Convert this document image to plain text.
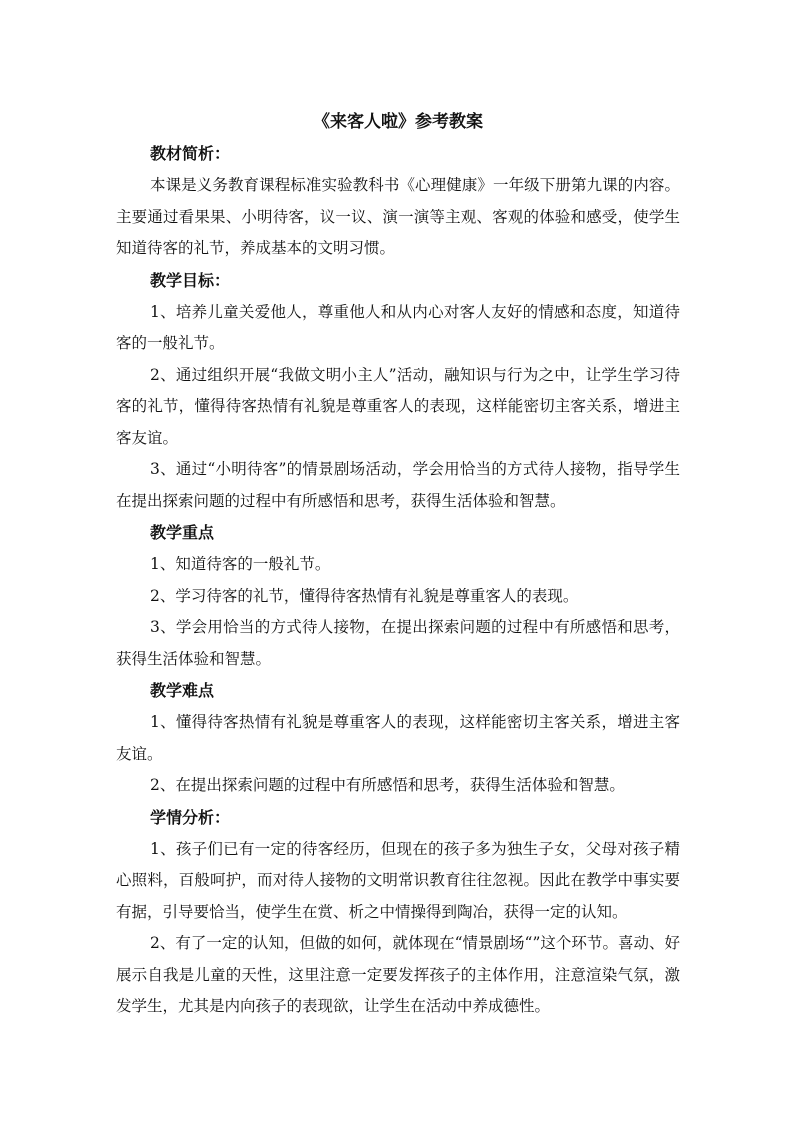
《来客人啦》参考教案
教材简析：

本课是义务教育课程标准实验教科书《心理健康》一年级下册第九课的内容。主要通过看果果、小明待客，议一议、演一演等主观、客观的体验和感受，使学生知道待客的礼节，养成基本的文明习惯。

教学目标：

1、培养儿童关爱他人，尊重他人和从内心对客人友好的情感和态度，知道待客的一般礼节。

2、通过组织开展“我做文明小主人”活动，融知识与行为之中，让学生学习待客的礼节，懂得待客热情有礼貌是尊重客人的表现，这样能密切主客关系，增进主客友谊。

3、通过“小明待客”的情景剧场活动，学会用恰当的方式待人接物，指导学生在提出探索问题的过程中有所感悟和思考，获得生活体验和智慧。

教学重点

1、知道待客的一般礼节。

2、学习待客的礼节，懂得待客热情有礼貌是尊重客人的表现。

3、学会用恰当的方式待人接物，在提出探索问题的过程中有所感悟和思考，获得生活体验和智慧。

教学难点

1、懂得待客热情有礼貌是尊重客人的表现，这样能密切主客关系，增进主客友谊。

2、在提出探索问题的过程中有所感悟和思考，获得生活体验和智慧。

学情分析：

1、孩子们已有一定的待客经历，但现在的孩子多为独生子女，父母对孩子精心照料，百般呵护，而对待人接物的文明常识教育往往忽视。因此在教学中事实要有据，引导要恰当，使学生在赏、析之中情操得到陶冶，获得一定的认知。

2、有了一定的认知，但做的如何，就体现在“情景剧场“”这个环节。喜动、好展示自我是儿童的天性，这里注意一定要发挥孩子的主体作用，注意渲染气氛，激发学生，尤其是内向孩子的表现欲，让学生在活动中养成德性。
